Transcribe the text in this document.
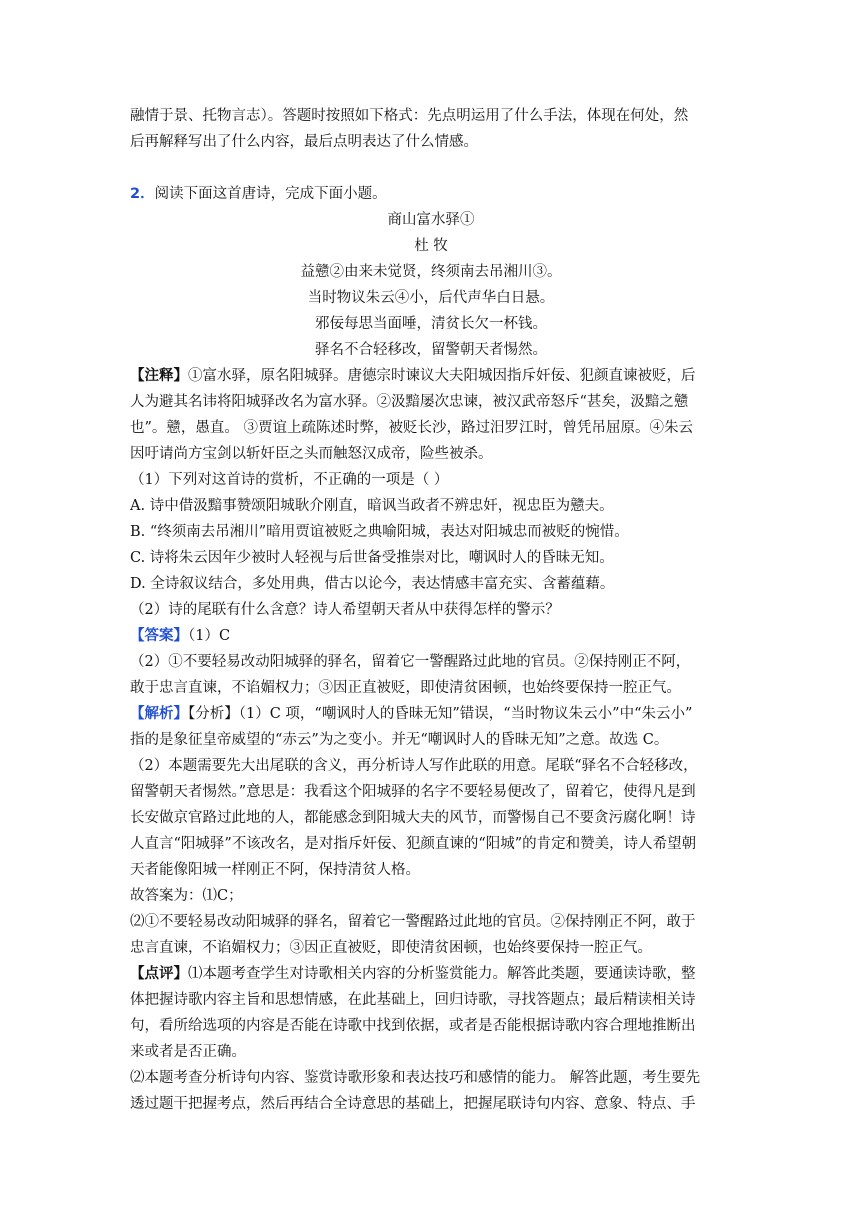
融情于景、托物言志）。答题时按照如下格式：先点明运用了什么手法，体现在何处，然

后再解释写出了什么内容，最后点明表达了什么情感。

2．阅读下面这首唐诗，完成下面小题。

商山富水驿①
杜 牧
益戆②由来未觉贤，终须南去吊湘川③。
当时物议朱云④小，后代声华白日悬。
邪佞每思当面唾，清贫长欠一杯钱。
驿名不合轻移改，留警朝天者惕然。

【注释】①富水驿，原名阳城驿。唐德宗时谏议大夫阳城因指斥奸佞、犯颜直谏被贬，后

人为避其名讳将阳城驿改名为富水驿。②汲黯屡次忠谏，被汉武帝怒斥“甚矣，汲黯之戆

也”。戆，愚直。 ③贾谊上疏陈述时弊，被贬长沙，路过汨罗江时，曾凭吊屈原。④朱云

因吁请尚方宝剑以斩奸臣之头而触怒汉成帝，险些被杀。

（1）下列对这首诗的赏析，不正确的一项是（ ）

A. 诗中借汲黯事赞颂阳城耿介刚直，暗讽当政者不辨忠奸，视忠臣为戆夫。

B. “终须南去吊湘川”暗用贾谊被贬之典喻阳城，表达对阳城忠而被贬的惋惜。

C. 诗将朱云因年少被时人轻视与后世备受推崇对比，嘲讽时人的昏昧无知。

D. 全诗叙议结合，多处用典，借古以论今，表达情感丰富充实、含蓄蕴藉。

（2）诗的尾联有什么含意？诗人希望朝天者从中获得怎样的警示？

【答案】（1）C

（2）①不要轻易改动阳城驿的驿名，留着它一警醒路过此地的官员。②保持刚正不阿，

敢于忠言直谏，不谄媚权力；③因正直被贬，即使清贫困顿，也始终要保持一腔正气。

【解析】【分析】（1）C 项，“嘲讽时人的昏昧无知”错误，“当时物议朱云小”中“朱云小”

指的是象征皇帝威望的“赤云”为之变小。并无“嘲讽时人的昏昧无知”之意。故选 C。

（2）本题需要先大出尾联的含义，再分析诗人写作此联的用意。尾联“驿名不合轻移改，

留警朝天者惕然。”意思是：我看这个阳城驿的名字不要轻易便改了，留着它，使得凡是到

长安做京官路过此地的人，都能感念到阳城大夫的风节，而警惕自己不要贪污腐化啊！诗

人直言“阳城驿”不该改名，是对指斥奸佞、犯颜直谏的“阳城”的肯定和赞美，诗人希望朝

天者能像阳城一样刚正不阿，保持清贫人格。

故答案为：⑴C；

⑵①不要轻易改动阳城驿的驿名，留着它一警醒路过此地的官员。②保持刚正不阿，敢于

忠言直谏，不谄媚权力；③因正直被贬，即使清贫困顿，也始终要保持一腔正气。

【点评】⑴本题考查学生对诗歌相关内容的分析鉴赏能力。解答此类题，要通读诗歌，整

体把握诗歌内容主旨和思想情感，在此基础上，回归诗歌，寻找答题点；最后精读相关诗

句，看所给选项的内容是否能在诗歌中找到依据，或者是否能根据诗歌内容合理地推断出

来或者是否正确。

⑵本题考查分析诗句内容、鉴赏诗歌形象和表达技巧和感情的能力。 解答此题，考生要先

透过题干把握考点，然后再结合全诗意思的基础上，把握尾联诗句内容、意象、特点、手
